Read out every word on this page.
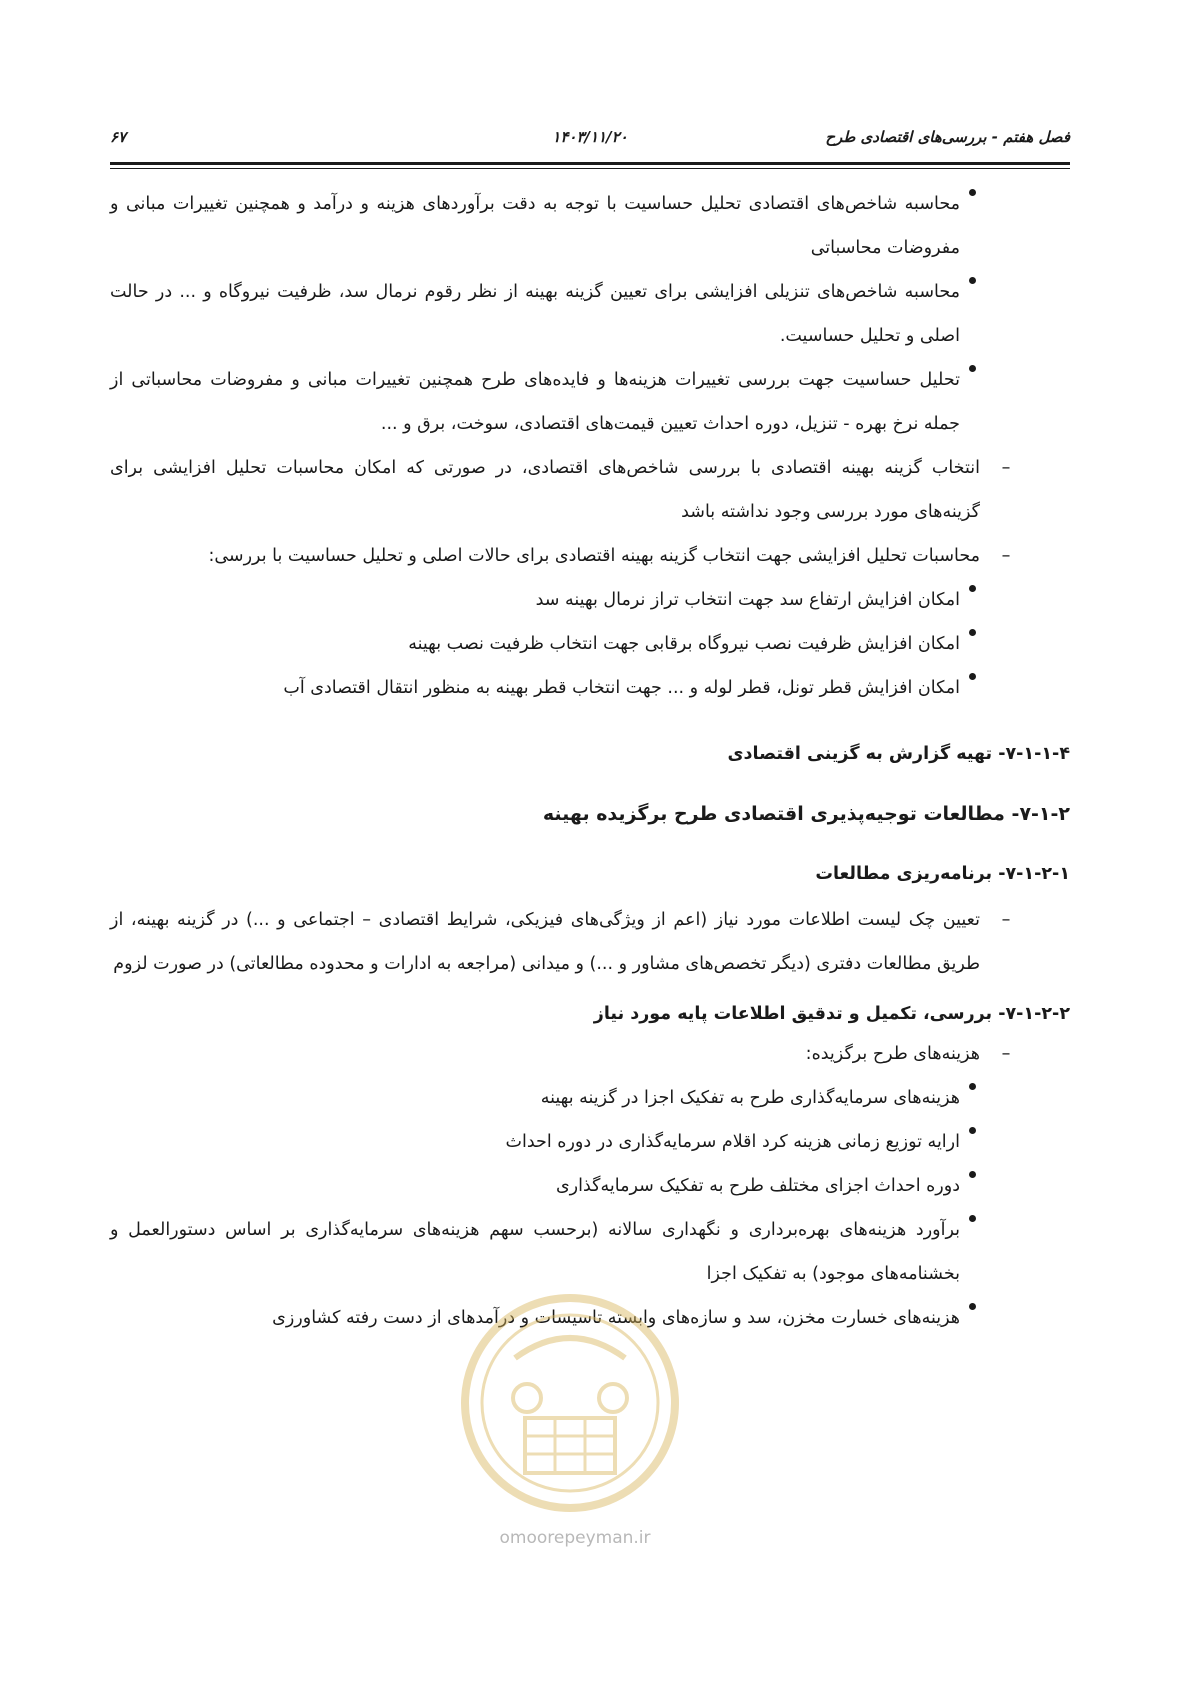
فصل هفتم - بررسی‌های اقتصادی طرح
۱۴۰۳/۱۱/۲۰
۶۷
محاسبه شاخص‌های اقتصادی تحلیل حساسیت با توجه به دقت برآوردهای هزینه و درآمد و همچنین تغییرات مبانی و مفروضات محاسباتی
محاسبه شاخص‌های تنزیلی افزایشی برای تعیین گزینه بهینه از نظر رقوم نرمال سد، ظرفیت نیروگاه و ... در حالت اصلی و تحلیل حساسیت.
تحلیل حساسیت جهت بررسی تغییرات هزینه‌ها و فایده‌های طرح همچنین تغییرات مبانی و مفروضات محاسباتی از جمله نرخ بهره - تنزیل، دوره احداث تعیین قیمت‌های اقتصادی، سوخت، برق و ...
–
انتخاب گزینه بهینه اقتصادی با بررسی شاخص‌های اقتصادی، در صورتی که امکان محاسبات تحلیل افزایشی برای گزینه‌های مورد بررسی وجود نداشته باشد
–
محاسبات تحلیل افزایشی جهت انتخاب گزینه بهینه اقتصادی برای حالات اصلی و تحلیل حساسیت با بررسی:
امکان افزایش ارتفاع سد جهت انتخاب تراز نرمال بهینه سد
امکان افزایش ظرفیت نصب نیروگاه برقابی جهت انتخاب ظرفیت نصب بهینه
امکان افزایش قطر تونل، قطر لوله و ... جهت انتخاب قطر بهینه به منظور انتقال اقتصادی آب
۷-۱-۱-۴- تهیه گزارش به گزینی اقتصادی
۷-۱-۲- مطالعات توجیه‌پذیری اقتصادی طرح برگزیده بهینه
۷-۱-۲-۱- برنامه‌ریزی مطالعات
–
تعیین چک لیست اطلاعات مورد نیاز (اعم از ویژگی‌های فیزیکی، شرایط اقتصادی – اجتماعی و ...) در گزینه بهینه، از طریق مطالعات دفتری (دیگر تخصص‌های مشاور و ...) و میدانی (مراجعه به ادارات و محدوده مطالعاتی) در صورت لزوم
۷-۱-۲-۲- بررسی، تکمیل و تدقیق اطلاعات پایه مورد نیاز
–
هزینه‌های طرح برگزیده:
هزینه‌های سرمایه‌گذاری طرح به تفکیک اجزا در گزینه بهینه
ارایه توزیع زمانی هزینه کرد اقلام سرمایه‌گذاری در دوره احداث
دوره احداث اجزای مختلف طرح به تفکیک سرمایه‌گذاری
برآورد هزینه‌های بهره‌برداری و نگهداری سالانه (برحسب سهم هزینه‌های سرمایه‌گذاری بر اساس دستورالعمل و بخشنامه‌های موجود) به تفکیک اجزا
هزینه‌های خسارت مخزن، سد و سازه‌های وابسته تاسیسات و درآمدهای از دست رفته کشاورزی
omoorepeyman.ir
